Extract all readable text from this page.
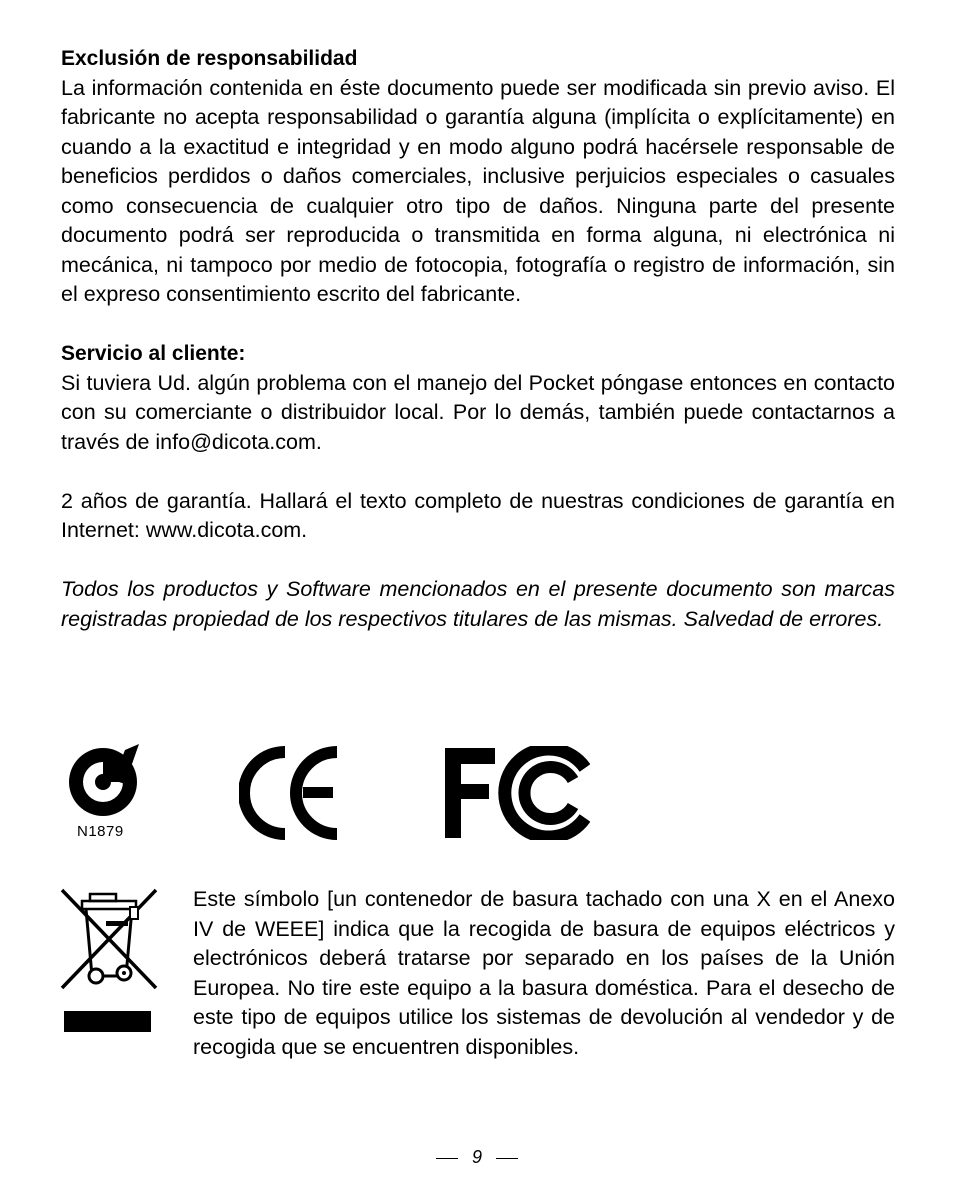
Exclusión de responsabilidad

La información contenida en éste documento puede ser modificada sin previo aviso. El fabricante no acepta responsabilidad o garantía alguna (implícita o explícitamente) en cuando a la exactitud e integridad y en modo alguno podrá hacérsele responsable de beneficios perdidos o daños comerciales, inclusive perjuicios especiales o casuales como consecuencia de cualquier otro tipo de daños. Ninguna parte del presente documento podrá ser reproducida o transmitida en forma alguna, ni electrónica ni mecánica, ni tampoco por medio de fotocopia, fotografía o registro de información, sin el expreso consentimiento escrito del fabricante.

Servicio al cliente:

Si tuviera Ud. algún problema con el manejo del Pocket póngase entonces en contacto con su comerciante o distribuidor local. Por lo demás, también puede contactarnos a través de info@dicota.com.

2 años de garantía. Hallará el texto completo de nuestras condiciones de garantía en Internet: www.dicota.com.

Todos los productos y Software mencionados en el presente documento son marcas registradas propiedad de los respectivos titulares de las mismas. Salvedad de errores.

N1879

Este símbolo [un contenedor de basura tachado con una X en el Anexo IV de WEEE] indica que la recogida de basura de equipos eléctricos y electrónicos deberá tratarse por separado en los países de la Unión Europea. No tire este equipo a la basura doméstica. Para el desecho de este tipo de equipos utilice los sistemas de devolución al vendedor y de recogida que se encuentren disponibles.

9
